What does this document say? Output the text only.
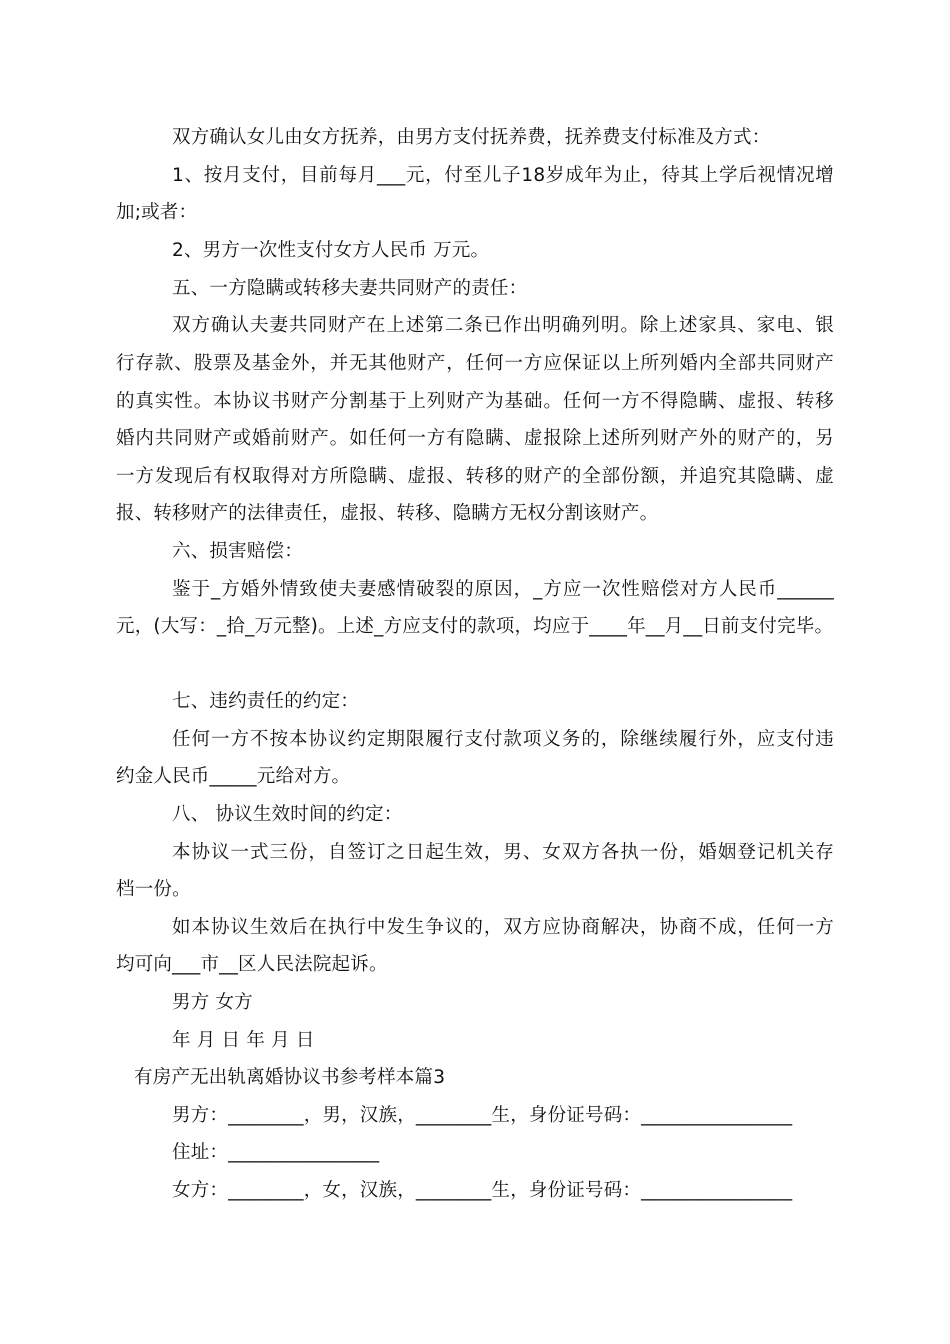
双方确认女儿由女方抚养，由男方支付抚养费，抚养费支付标准及方式：
1、按月支付，目前每月___元，付至儿子18岁成年为止，待其上学后视情况增
加;或者：
2、男方一次性支付女方人民币 万元。
五、一方隐瞒或转移夫妻共同财产的责任：
双方确认夫妻共同财产在上述第二条已作出明确列明。除上述家具、家电、银
行存款、股票及基金外，并无其他财产，任何一方应保证以上所列婚内全部共同财产
的真实性。本协议书财产分割基于上列财产为基础。任何一方不得隐瞒、虚报、转移
婚内共同财产或婚前财产。如任何一方有隐瞒、虚报除上述所列财产外的财产的，另
一方发现后有权取得对方所隐瞒、虚报、转移的财产的全部份额，并追究其隐瞒、虚
报、转移财产的法律责任，虚报、转移、隐瞒方无权分割该财产。
六、损害赔偿：
鉴于_方婚外情致使夫妻感情破裂的原因，_方应一次性赔偿对方人民币______
元，(大写：_拾_万元整)。上述_方应支付的款项，均应于____年__月__日前支付完毕。
七、违约责任的约定：
任何一方不按本协议约定期限履行支付款项义务的，除继续履行外，应支付违
约金人民币_____元给对方。
八、 协议生效时间的约定：
本协议一式三份，自签订之日起生效，男、女双方各执一份，婚姻登记机关存
档一份。
如本协议生效后在执行中发生争议的，双方应协商解决，协商不成，任何一方
均可向___市__区人民法院起诉。
男方 女方
年 月 日 年 月 日
有房产无出轨离婚协议书参考样本篇3
男方：________，男，汉族，________生，身份证号码：________________
住址：________________
女方：________，女，汉族，________生，身份证号码：________________
